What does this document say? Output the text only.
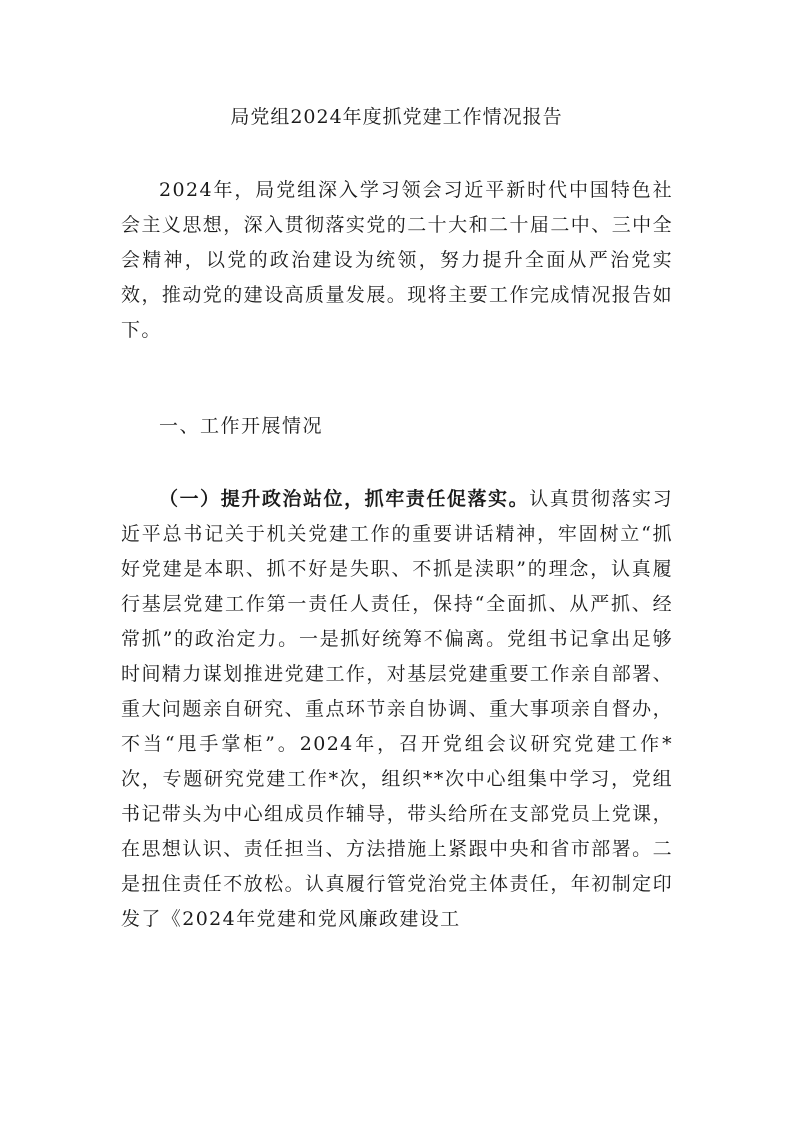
局党组2024年度抓党建工作情况报告
2024年，局党组深入学习领会习近平新时代中国特色社会主义思想，深入贯彻落实党的二十大和二十届二中、三中全会精神，以党的政治建设为统领，努力提升全面从严治党实效，推动党的建设高质量发展。现将主要工作完成情况报告如下。
一、工作开展情况
（一）提升政治站位，抓牢责任促落实。认真贯彻落实习近平总书记关于机关党建工作的重要讲话精神，牢固树立“抓好党建是本职、抓不好是失职、不抓是渎职”的理念，认真履行基层党建工作第一责任人责任，保持“全面抓、从严抓、经常抓”的政治定力。一是抓好统筹不偏离。党组书记拿出足够时间精力谋划推进党建工作，对基层党建重要工作亲自部署、重大问题亲自研究、重点环节亲自协调、重大事项亲自督办，不当“甩手掌柜”。2024年，召开党组会议研究党建工作*次，专题研究党建工作*次，组织**次中心组集中学习，党组书记带头为中心组成员作辅导，带头给所在支部党员上党课，在思想认识、责任担当、方法措施上紧跟中央和省市部署。二是扭住责任不放松。认真履行管党治党主体责任，年初制定印发了《2024年党建和党风廉政建设工
